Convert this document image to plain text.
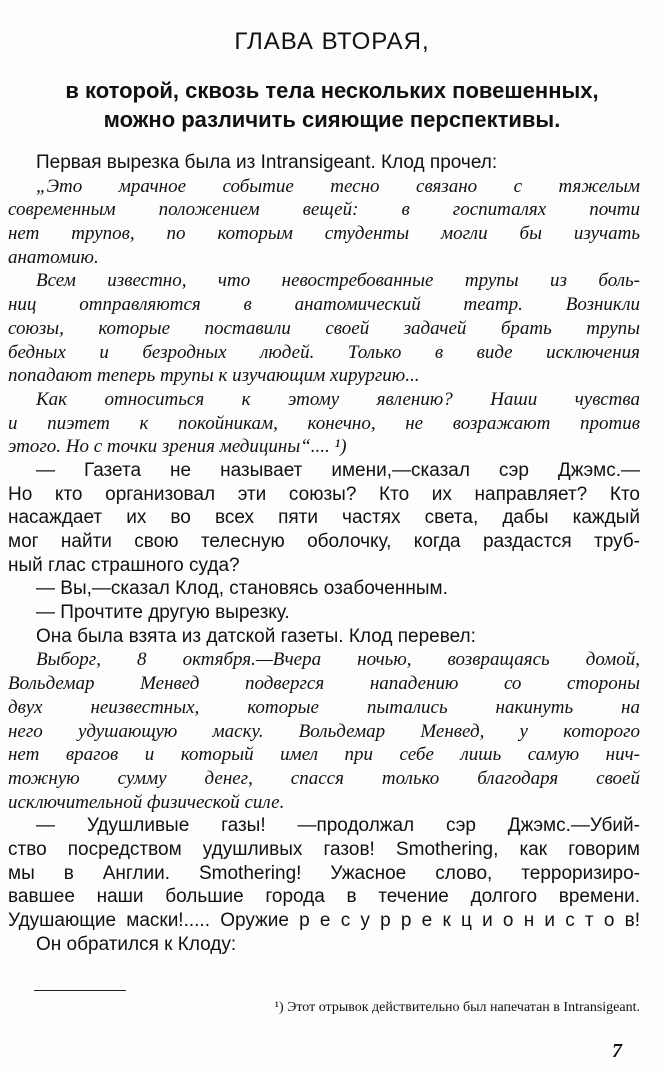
ГЛАВА ВТОРАЯ,
в которой, сквозь тела нескольких повешенных,
можно различить сияющие перспективы.
Первая вырезка была из Intransigeant. Клод прочел:
„Это мрачное событие тесно связано с тяжелым
современным положением вещей: в госпиталях почти
нет трупов, по которым студенты могли бы изучать
анатомию.
Всем известно, что невостребованные трупы из боль-
ниц отправляются в анатомический театр. Возникли
союзы, которые поставили своей задачей брать трупы
бедных и безродных людей. Только в виде исключения
попадают теперь трупы к изучающим хирургию...
Как относиться к этому явлению? Наши чувства
и пиэтет к покойникам, конечно, не возражают против
этого. Но с точки зрения медицины“.... ¹)
— Газета не называет имени,—сказал сэр Джэмс.—
Но кто организовал эти союзы? Кто их направляет? Кто
насаждает их во всех пяти частях света, дабы каждый
мог найти свою телесную оболочку, когда раздастся труб-
ный глас страшного суда?
— Вы,—сказал Клод, становясь озабоченным.
— Прочтите другую вырезку.
Она была взята из датской газеты. Клод перевел:
Выборг, 8 октября.—Вчера ночью, возвращаясь домой,
Вольдемар Менвед подвергся нападению со стороны
двух неизвестных, которые пытались накинуть на
него удушающую маску. Вольдемар Менвед, у которого
нет врагов и который имел при себе лишь самую нич-
тожную сумму денег, спасся только благодаря своей
исключительной физической силе.
— Удушливые газы! —продолжал сэр Джэмс.—Убий-
ство посредством удушливых газов! Smothering, как говорим
мы в Англии. Smothering! Ужасное слово, терроризиро-
вавшее наши большие города в течение долгого времени.
Удушающие маски!..... Оружие р е с у р р е к ц и о н и с т о в!
Он обратился к Клоду:
¹) Этот отрывок действительно был напечатан в Intransigeant.
7
